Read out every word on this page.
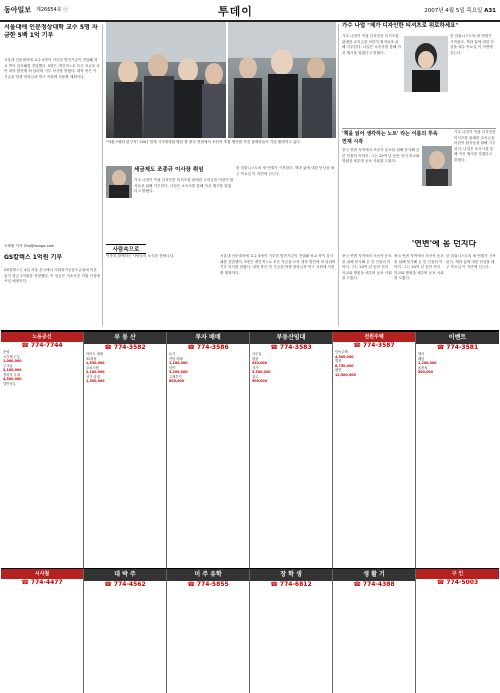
동아일보 제26654호 ⓒ	투데이	2007년 4월 5일 목요일 A31
서울대에 인문정상대학 교수 5명 자금한 5백 1억 기부
서울대 인문대학에 교수 5명이 기부한 발전기금이 전달돼 학교 측이 감사패를 전달했다. 5명은 개인적으로 모은 자금을 모아 대학 발전에 써 달라며 기부 의사를 밝혔다. 대학 측은 이 기금을 학생 장학금과 연구 지원에 사용할 계획이다.
오태환 기자 Ohz@donga.com
GS칼텍스 1억원 기부
GS칼텍스는 4일 서울 본사에서 사회복지공동모금회에 이웃돕기 성금 1억원을 전달했다. 이 성금은 저소득층 지원 사업에 쓰일 예정이다.
"차원스펠터 한구석" 2007 현재 시가대학원 방문 중 중국 연변에서 조선족 후원 행사를 가진 관계자들이 기념 촬영하고 있다.
세금제도 조종규 이사장 취임
가수 나얼이 직접 디자인한 티셔츠를 판매한 수익금을 어린이 환자들을 위해 기부한다. 나얼은 소속사를 통해 자선 행사를 열겠다고 밝혔다.
한 칼럼니스트의 새 연재가 시작된다. 책과 삶에 대한 단상을 매주 목요일 이 지면에 싣는다.
사람속으로
이웃과 함께하는 사람들의 소식을 전합니다.	서울대 인문대학에 교수 5명이 기부한 발전기금이 전달돼 학교 측이 감사패를 전달했다. 5명은 개인적으로 모은 자금을 모아 대학 발전에 써 달라며 기부 의사를 밝혔다. 대학 측은 이 기금을 학생 장학금과 연구 지원에 사용할 계획이다.
가수 나얼 "제가 디자인한 티셔츠로 위로하세요"
가수 나얼이 직접 디자인한 티셔츠를 판매한 수익금을 어린이 환자들을 위해 기부한다. 나얼은 소속사를 통해 자선 행사를 열겠다고 밝혔다.
한 칼럼니스트의 새 연재가 시작된다. 책과 삶에 대한 단상을 매주 목요일 이 지면에 싣는다.
'책을 읽어 생각하는 노트' 라는 이름의 후속 연재 시작
중국 연변 지역에서 조선족 동포를 위해 봉사해 온 한 인물의 이야기. 그는 20여 년 동안 현지 학교와 병원을 세우며 동포 사회를 도왔다.
가수 나얼이 직접 디자인한 티셔츠를 판매한 수익금을 어린이 환자들을 위해 기부한다. 나얼은 소속사를 통해 자선 행사를 열겠다고 밝혔다.
'연변'에 몸 던지다
중국 연변 지역에서 조선족 동포를 위해 봉사해 온 한 인물의 이야기. 그는 20여 년 동안 현지 학교와 병원을 세우며 동포 사회를 도왔다.
중국 연변 지역에서 조선족 동포를 위해 봉사해 온 한 인물의 이야기. 그는 20여 년 동안 현지 학교와 병원을 세우며 동포 사회를 도왔다.
한 칼럼니스트의 새 연재가 시작된다. 책과 삶에 대한 단상을 매주 목요일 이 지면에 싣는다.
노동공신
☎ 774-7744
운영
시간제 근무
1,000,000
주 5일
2,100,000
경력자 우대
4,300,000
일반사무
부 동 산
☎ 774-3582
아파트 매매
32평형
1,530,000
오피스텔
2,100,000
상가 임대
1,500,000
투자 매매
☎ 774-3586
토지
전답 매매
1,180,000
임야
3,200,000
주택부지
800,000
부동산임대
☎ 774-3583
사무실
원룸
450,000
상가
2,500,000
창고
900,000
전원주택
☎ 774-3587
단독주택
4,300,000
별장
8,750,000
펜션
12,500,000
이벤트
☎ 774-3581
행사
웨딩
1,200,000
돌잔치
500,000
시사철
☎ 774-4477
대 박 주
☎ 774-4562
미 주 유학
☎ 774-5855
장 학 생
☎ 774-6812
생 활 기
☎ 774-4388
구 인
☎ 774-5003
